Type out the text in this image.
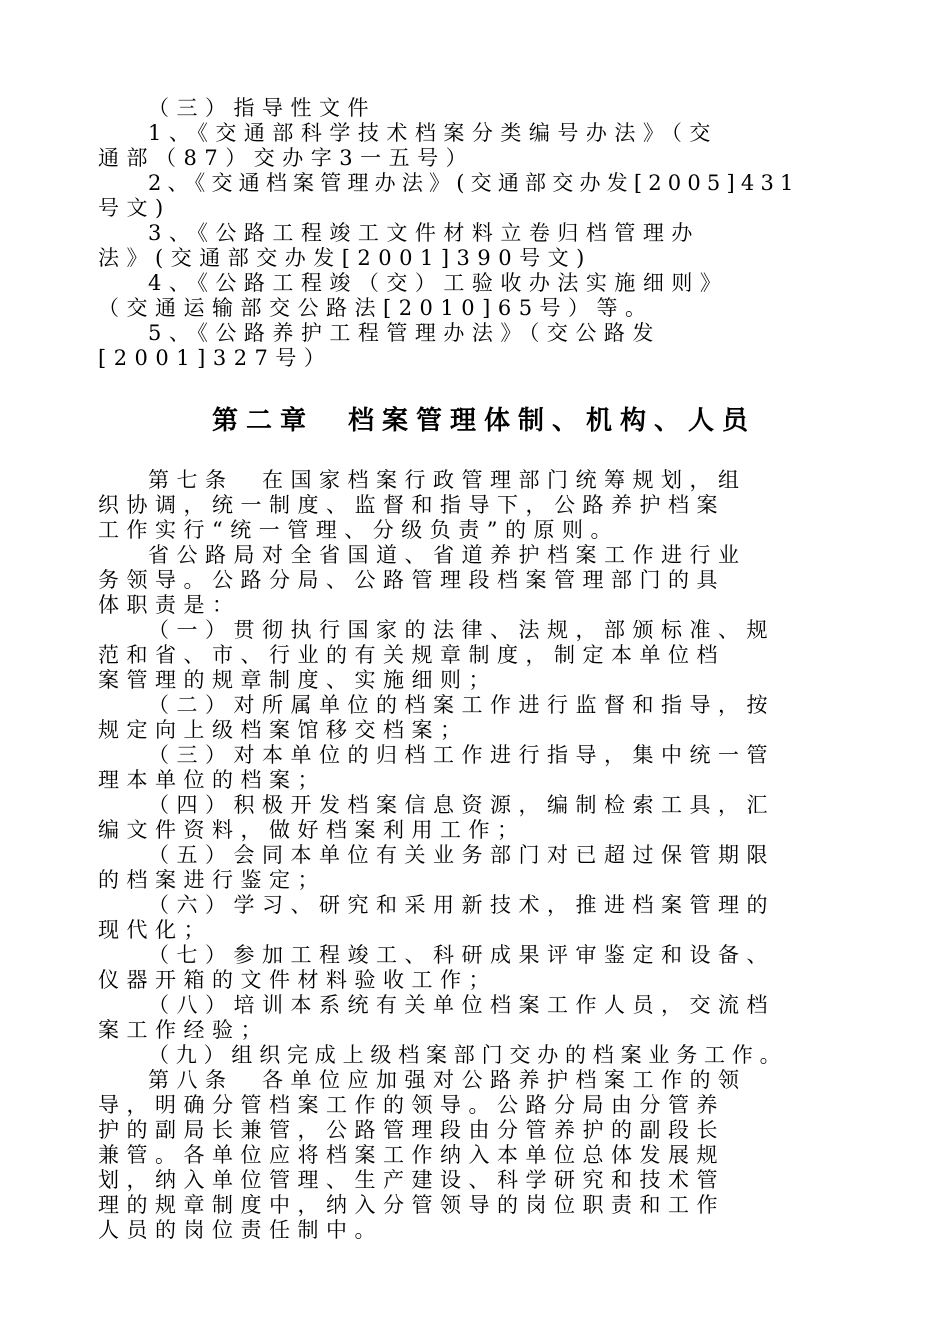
（三）指导性文件
1、《交通部科学技术档案分类编号办法》（交
通部（87）交办字3一五号）
2、《交通档案管理办法》(交通部交办发[2005]431
号文)
3、《公路工程竣工文件材料立卷归档管理办
法》(交通部交办发[2001]390号文)
4、《公路工程竣（交）工验收办法实施细则》
（交通运输部交公路法[2010]65号）等。
5、《公路养护工程管理办法》（交公路发
[2001]327号）
第二章　档案管理体制、机构、人员
第七条　在国家档案行政管理部门统筹规划，组
织协调，统一制度、监督和指导下，公路养护档案
工作实行“统一管理、分级负责”的原则。
省公路局对全省国道、省道养护档案工作进行业
务领导。公路分局、公路管理段档案管理部门的具
体职责是：
（一）贯彻执行国家的法律、法规，部颁标准、规
范和省、市、行业的有关规章制度，制定本单位档
案管理的规章制度、实施细则；
（二）对所属单位的档案工作进行监督和指导，按
规定向上级档案馆移交档案；
（三）对本单位的归档工作进行指导，集中统一管
理本单位的档案；
（四）积极开发档案信息资源，编制检索工具，汇
编文件资料，做好档案利用工作；
（五）会同本单位有关业务部门对已超过保管期限
的档案进行鉴定；
（六）学习、研究和采用新技术，推进档案管理的
现代化；
（七）参加工程竣工、科研成果评审鉴定和设备、
仪器开箱的文件材料验收工作；
（八）培训本系统有关单位档案工作人员，交流档
案工作经验；
（九）组织完成上级档案部门交办的档案业务工作。
第八条　各单位应加强对公路养护档案工作的领
导，明确分管档案工作的领导。公路分局由分管养
护的副局长兼管，公路管理段由分管养护的副段长
兼管。各单位应将档案工作纳入本单位总体发展规
划，纳入单位管理、生产建设、科学研究和技术管
理的规章制度中，纳入分管领导的岗位职责和工作
人员的岗位责任制中。
